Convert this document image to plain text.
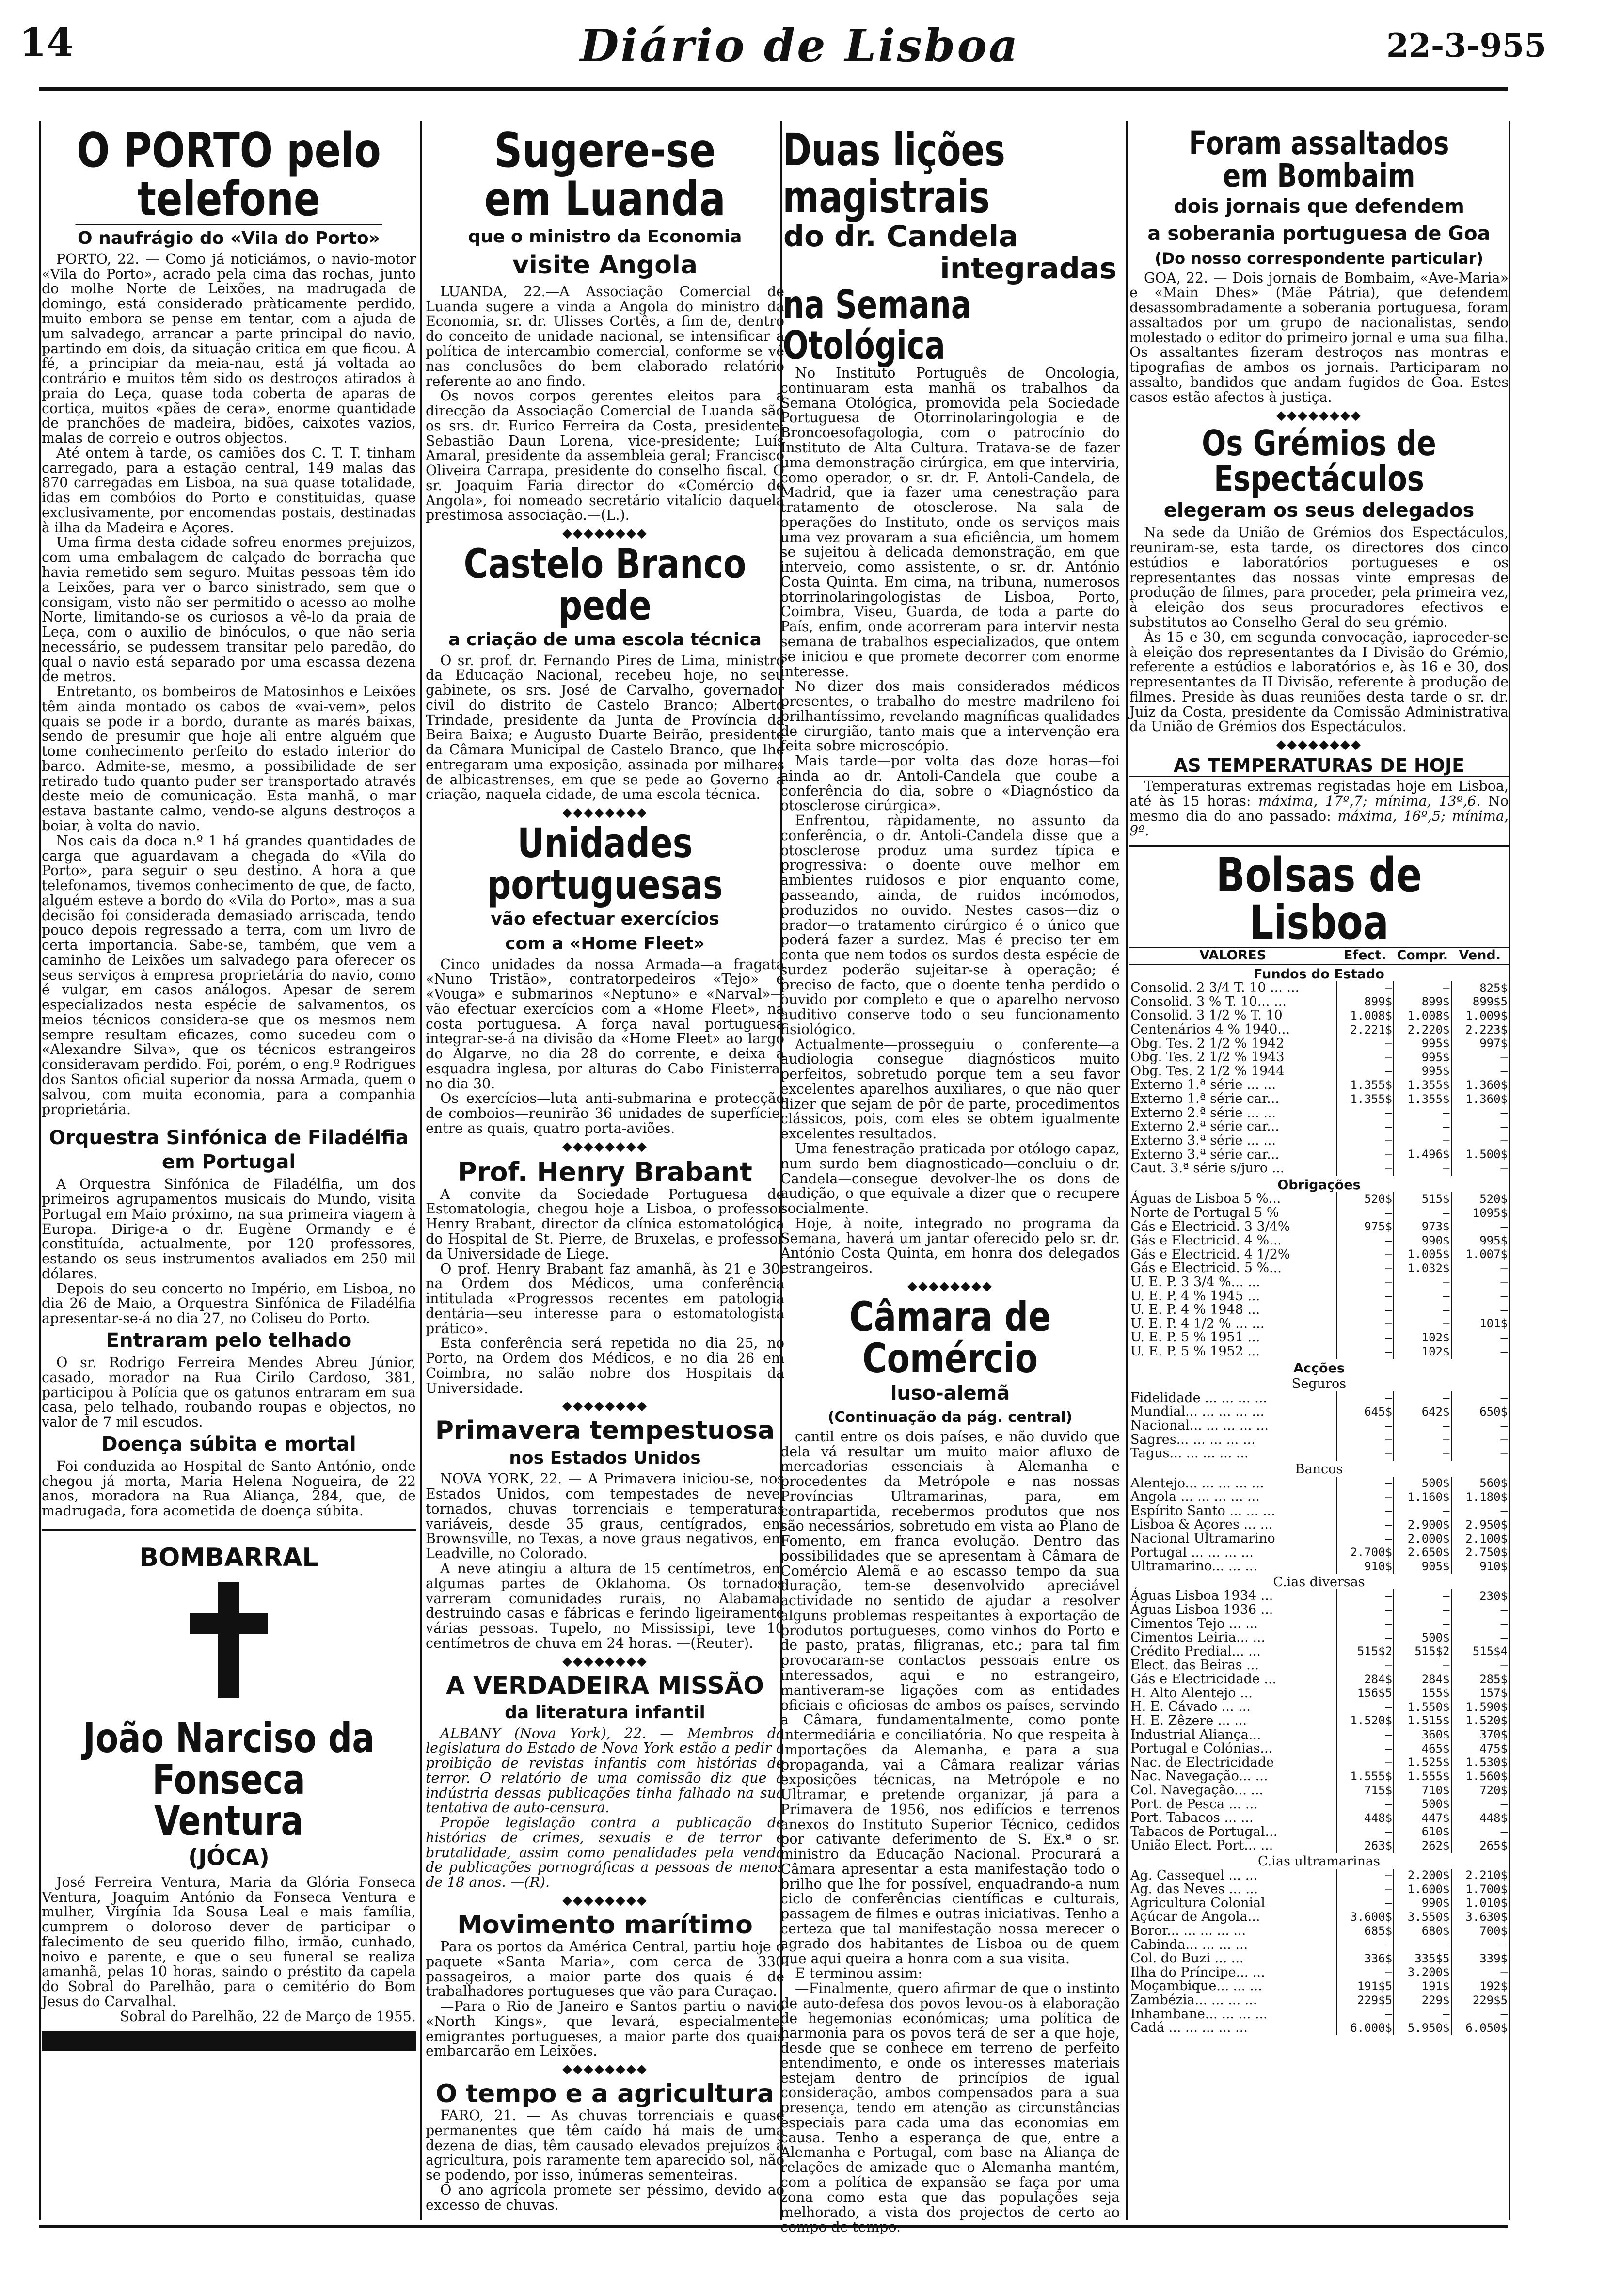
14	Diário de Lisboa	22-3-955
O PORTO pelo telefone
O naufrágio do «Vila do Porto»

PORTO, 22. — Como já noticiámos, o navio-motor «Vila do Porto», acrado pela cima das rochas, junto do molhe Norte de Leixões, na madrugada de domingo, está considerado pràticamente perdido, muito embora se pense em tentar, com a ajuda de um salvadego, arrancar a parte principal do navio, partindo em dois, da situação critica em que ficou. A fé, a principiar da meia-nau, está já voltada ao contrário e muitos têm sido os destroços atirados à praia do Leça, quase toda coberta de aparas de cortiça, muitos «pães de cera», enorme quantidade de pranchões de madeira, bidões, caixotes vazios, malas de correio e outros objectos.

Até ontem à tarde, os camiões dos C. T. T. tinham carregado, para a estação central, 149 malas das 870 carregadas em Lisboa, na sua quase totalidade, idas em combóios do Porto e constituidas, quase exclusivamente, por encomendas postais, destinadas à ilha da Madeira e Açores.

Uma firma desta cidade sofreu enormes prejuizos, com uma embalagem de calçado de borracha que havia remetido sem seguro. Muitas pessoas têm ido a Leixões, para ver o barco sinistrado, sem que o consigam, visto não ser permitido o acesso ao molhe Norte, limitando-se os curiosos a vê-lo da praia de Leça, com o auxilio de binóculos, o que não seria necessário, se pudessem transitar pelo paredão, do qual o navio está separado por uma escassa dezena de metros.

Entretanto, os bombeiros de Matosinhos e Leixões têm ainda montado os cabos de «vai-vem», pelos quais se pode ir a bordo, durante as marés baixas, sendo de presumir que hoje ali entre alguém que tome conhecimento perfeito do estado interior do barco. Admite-se, mesmo, a possibilidade de ser retirado tudo quanto puder ser transportado através deste meio de comunicação. Esta manhã, o mar estava bastante calmo, vendo-se alguns destroços a boiar, à volta do navio.

Nos cais da doca n.º 1 há grandes quantidades de carga que aguardavam a chegada do «Vila do Porto», para seguir o seu destino. A hora a que telefonamos, tivemos conhecimento de que, de facto, alguém esteve a bordo do «Vila do Porto», mas a sua decisão foi considerada demasiado arriscada, tendo pouco depois regressado a terra, com um livro de certa importancia. Sabe-se, também, que vem a caminho de Leixões um salvadego para oferecer os seus serviços à empresa proprietária do navio, como é vulgar, em casos análogos. Apesar de serem especializados nesta espécie de salvamentos, os meios técnicos considera-se que os mesmos nem sempre resultam eficazes, como sucedeu com o «Alexandre Silva», que os técnicos estrangeiros consideravam perdido. Foi, porém, o eng.º Rodrigues dos Santos oficial superior da nossa Armada, quem o salvou, com muita economia, para a companhia proprietária.

Orquestra Sinfónica de Filadélfia em Portugal

A Orquestra Sinfónica de Filadélfia, um dos primeiros agrupamentos musicais do Mundo, visita Portugal em Maio próximo, na sua primeira viagem à Europa. Dirige-a o dr. Eugène Ormandy e é constituída, actualmente, por 120 professores, estando os seus instrumentos avaliados em 250 mil dólares.

Depois do seu concerto no Império, em Lisboa, no dia 26 de Maio, a Orquestra Sinfónica de Filadélfia apresentar-se-á no dia 27, no Coliseu do Porto.

Entraram pelo telhado

O sr. Rodrigo Ferreira Mendes Abreu Júnior, casado, morador na Rua Cirilo Cardoso, 381, participou à Polícia que os gatunos entraram em sua casa, pelo telhado, roubando roupas e objectos, no valor de 7 mil escudos.

Doença súbita e mortal

Foi conduzida ao Hospital de Santo António, onde chegou já morta, Maria Helena Nogueira, de 22 anos, moradora na Rua Aliança, 284, que, de madrugada, fora acometida de doença súbita.

BOMBARRAL
João Narciso da Fonseca Ventura
(JÓCA)

José Ferreira Ventura, Maria da Glória Fonseca Ventura, Joaquim António da Fonseca Ventura e mulher, Virgínia Ida Sousa Leal e mais família, cumprem o doloroso dever de participar o falecimento de seu querido filho, irmão, cunhado, noivo e parente, e que o seu funeral se realiza amanhã, pelas 10 horas, saindo o préstito da capela do Sobral do Parelhão, para o cemitério do Bom Jesus do Carvalhal.

Sobral do Parelhão, 22 de Março de 1955.

Sugere-se em Luanda
que o ministro da Economia
visite Angola

LUANDA, 22.—A Associação Comercial de Luanda sugere a vinda a Angola do ministro da Economia, sr. dr. Ulisses Cortês, a fim de, dentro do conceito de unidade nacional, se intensificar a política de intercambio comercial, conforme se vê nas conclusões do bem elaborado relatório referente ao ano findo.

Os novos corpos gerentes eleitos para a direcção da Associação Comercial de Luanda são os srs. dr. Eurico Ferreira da Costa, presidente; Sebastião Daun Lorena, vice-presidente; Luís Amaral, presidente da assembleia geral; Francisco Oliveira Carrapa, presidente do conselho fiscal. O sr. Joaquim Faria director do «Comércio de Angola», foi nomeado secretário vitalício daquela prestimosa associação.—(L.).

◆◆◆◆◆◆◆◆
Castelo Branco pede
a criação de uma escola técnica

O sr. prof. dr. Fernando Pires de Lima, ministro da Educação Nacional, recebeu hoje, no seu gabinete, os srs. José de Carvalho, governador civil do distrito de Castelo Branco; Alberto Trindade, presidente da Junta de Província da Beira Baixa; e Augusto Duarte Beirão, presidente da Câmara Municipal de Castelo Branco, que lhe entregaram uma exposição, assinada por milhares de albicastrenses, em que se pede ao Governo a criação, naquela cidade, de uma escola técnica.

◆◆◆◆◆◆◆◆
Unidades portuguesas
vão efectuar exercícios
com a «Home Fleet»

Cinco unidades da nossa Armada—a fragata «Nuno Tristão», contratorpedeiros «Tejo» e «Vouga» e submarinos «Neptuno» e «Narval»—vão efectuar exercícios com a «Home Fleet», na costa portuguesa. A força naval portuguesa integrar-se-á na divisão da «Home Fleet» ao largo do Algarve, no dia 28 do corrente, e deixa a esquadra inglesa, por alturas do Cabo Finisterra, no dia 30.

Os exercícios—luta anti-submarina e protecção de comboios—reunirão 36 unidades de superfície, entre as quais, quatro porta-aviões.

◆◆◆◆◆◆◆◆
Prof. Henry Brabant

A convite da Sociedade Portuguesa de Estomatologia, chegou hoje a Lisboa, o professor Henry Brabant, director da clínica estomatológica do Hospital de St. Pierre, de Bruxelas, e professor da Universidade de Liege.

O prof. Henry Brabant faz amanhã, às 21 e 30, na Ordem dos Médicos, uma conferência intitulada «Progressos recentes em patologia dentária—seu interesse para o estomatologista prático».

Esta conferência será repetida no dia 25, no Porto, na Ordem dos Médicos, e no dia 26 em Coimbra, no salão nobre dos Hospitais da Universidade.

◆◆◆◆◆◆◆◆
Primavera tempestuosa
nos Estados Unidos

NOVA YORK, 22. — A Primavera iniciou-se, nos Estados Unidos, com tempestades de neve, tornados, chuvas torrenciais e temperaturas variáveis, desde 35 graus, centígrados, em Brownsville, no Texas, a nove graus negativos, em Leadville, no Colorado.

A neve atingiu a altura de 15 centímetros, em algumas partes de Oklahoma. Os tornados varreram comunidades rurais, no Alabama, destruindo casas e fábricas e ferindo ligeiramente várias pessoas. Tupelo, no Mississipi, teve 10 centímetros de chuva em 24 horas. —(Reuter).

◆◆◆◆◆◆◆◆
A VERDADEIRA MISSÃO
da literatura infantil

ALBANY (Nova York), 22. — Membros da legislatura do Estado de Nova York estão a pedir a proibição de revistas infantis com histórias de terror. O relatório de uma comissão diz que a indústria dessas publicações tinha falhado na sua tentativa de auto-censura.

Propõe legislação contra a publicação de histórias de crimes, sexuais e de terror e brutalidade, assim como penalidades pela venda de publicações pornográficas a pessoas de menos de 18 anos. —(R).

◆◆◆◆◆◆◆◆
Movimento marítimo

Para os portos da América Central, partiu hoje o paquete «Santa Maria», com cerca de 330 passageiros, a maior parte dos quais é de trabalhadores portugueses que vão para Curaçao.

—Para o Rio de Janeiro e Santos partiu o navio «North Kings», que levará, especialmente, emigrantes portugueses, a maior parte dos quais embarcarão em Leixões.

◆◆◆◆◆◆◆◆
O tempo e a agricultura

FARO, 21. — As chuvas torrenciais e quase permanentes que têm caído há mais de uma dezena de dias, têm causado elevados prejuízos à agricultura, pois raramente tem aparecido sol, não se podendo, por isso, inúmeras sementeiras.

O ano agrícola promete ser péssimo, devido ao excesso de chuvas.

Duas lições magistrais
do dr. Candela
integradas
na Semana Otológica

No Instituto Português de Oncologia, continuaram esta manhã os trabalhos da Semana Otológica, promovida pela Sociedade Portuguesa de Otorrinolaringologia e de Broncoesofagologia, com o patrocínio do Instituto de Alta Cultura. Tratava-se de fazer uma demonstração cirúrgica, em que interviria, como operador, o sr. dr. F. Antoli-Candela, de Madrid, que ia fazer uma cenestração para tratamento de otosclerose. Na sala de operações do Instituto, onde os serviços mais uma vez provaram a sua eficiência, um homem se sujeitou à delicada demonstração, em que interveio, como assistente, o sr. dr. António Costa Quinta. Em cima, na tribuna, numerosos otorrinolaringologistas de Lisboa, Porto, Coimbra, Viseu, Guarda, de toda a parte do País, enfim, onde acorreram para intervir nesta semana de trabalhos especializados, que ontem se iniciou e que promete decorrer com enorme interesse.

No dizer dos mais considerados médicos presentes, o trabalho do mestre madrileno foi brilhantíssimo, revelando magníficas qualidades de cirurgião, tanto mais que a intervenção era feita sobre microscópio.

Mais tarde—por volta das doze horas—foi ainda ao dr. Antoli-Candela que coube a conferência do dia, sobre o «Diagnóstico da otosclerose cirúrgica».

Enfrentou, ràpidamente, no assunto da conferência, o dr. Antoli-Candela disse que a otosclerose produz uma surdez típica e progressiva: o doente ouve melhor em ambientes ruidosos e pior enquanto come, passeando, ainda, de ruidos incómodos, produzidos no ouvido. Nestes casos—diz o orador—o tratamento cirúrgico é o único que poderá fazer a surdez. Mas é preciso ter em conta que nem todos os surdos desta espécie de surdez poderão sujeitar-se à operação; é preciso de facto, que o doente tenha perdido o ouvido por completo e que o aparelho nervoso auditivo conserve todo o seu funcionamento fisiológico.

Actualmente—prosseguiu o conferente—a audiologia consegue diagnósticos muito perfeitos, sobretudo porque tem a seu favor excelentes aparelhos auxiliares, o que não quer dizer que sejam de pôr de parte, procedimentos clássicos, pois, com eles se obtem igualmente excelentes resultados.

Uma fenestração praticada por otólogo capaz, num surdo bem diagnosticado—concluiu o dr. Candela—consegue devolver-lhe os dons de audição, o que equivale a dizer que o recupere socialmente.

Hoje, à noite, integrado no programa da Semana, haverá um jantar oferecido pelo sr. dr. António Costa Quinta, em honra dos delegados estrangeiros.

◆◆◆◆◆◆◆◆
Câmara de Comércio
luso-alemã
(Continuação da pág. central)

cantil entre os dois países, e não duvido que dela vá resultar um muito maior afluxo de mercadorias essenciais à Alemanha e procedentes da Metrópole e nas nossas Províncias Ultramarinas, para, em contrapartida, recebermos produtos que nos são necessários, sobretudo em vista ao Plano de Fomento, em franca evolução. Dentro das possibilidades que se apresentam à Câmara de Comércio Alemã e ao escasso tempo da sua duração, tem-se desenvolvido apreciável actividade no sentido de ajudar a resolver alguns problemas respeitantes à exportação de produtos portugueses, como vinhos do Porto e de pasto, pratas, filigranas, etc.; para tal fim provocaram-se contactos pessoais entre os interessados, aqui e no estrangeiro, mantiveram-se ligações com as entidades oficiais e oficiosas de ambos os países, servindo a Câmara, fundamentalmente, como ponte intermediária e conciliatória. No que respeita à importações da Alemanha, e para a sua propaganda, vai a Câmara realizar várias exposições técnicas, na Metrópole e no Ultramar, e pretende organizar, já para a Primavera de 1956, nos edifícios e terrenos anexos do Instituto Superior Técnico, cedidos por cativante deferimento de S. Ex.ª o sr. ministro da Educação Nacional. Procurará a Câmara apresentar a esta manifestação todo o brilho que lhe for possível, enquadrando-a num ciclo de conferências científicas e culturais, passagem de filmes e outras iniciativas. Tenho a certeza que tal manifestação nossa merecer o agrado dos habitantes de Lisboa ou de quem que aqui queira a honra com a sua visita.

E terminou assim:

—Finalmente, quero afirmar de que o instinto de auto-defesa dos povos levou-os à elaboração de hegemonias económicas; uma política de harmonia para os povos terá de ser a que hoje, desde que se conhece em terreno de perfeito entendimento, e onde os interesses materiais estejam dentro de princípios de igual consideração, ambos compensados para a sua presença, tendo em atenção as circunstâncias especiais para cada uma das economias em causa. Tenho a esperança de que, entre a Alemanha e Portugal, com base na Aliança de relações de amizade que o Alemanha mantém, com a política de expansão se faça por uma zona como esta que das populações seja melhorado, a vista dos projectos de certo ao compo de tempo.

Foram assaltados em Bombaim
dois jornais que defendem
a soberania portuguesa de Goa
(Do nosso correspondente particular)

GOA, 22. — Dois jornais de Bombaim, «Ave-Maria» e «Main Dhes» (Mãe Pátria), que defendem desassombradamente a soberania portuguesa, foram assaltados por um grupo de nacionalistas, sendo molestado o editor do primeiro jornal e uma sua filha. Os assaltantes fizeram destroços nas montras e tipografias de ambos os jornais. Participaram no assalto, bandidos que andam fugidos de Goa. Estes casos estão afectos à justiça.

◆◆◆◆◆◆◆◆
Os Grémios de Espectáculos
elegeram os seus delegados

Na sede da União de Grémios dos Espectáculos, reuniram-se, esta tarde, os directores dos cinco estúdios e laboratórios portugueses e os representantes das nossas vinte empresas de produção de filmes, para proceder, pela primeira vez, à eleição dos seus procuradores efectivos e substitutos ao Conselho Geral do seu grémio.

Às 15 e 30, em segunda convocação, iaproceder-se à eleição dos representantes da I Divisão do Grémio, referente a estúdios e laboratórios e, às 16 e 30, dos representantes da II Divisão, referente à produção de filmes. Preside às duas reuniões desta tarde o sr. dr. Juiz da Costa, presidente da Comissão Administrativa da União de Grémios dos Espectáculos.

◆◆◆◆◆◆◆◆
AS TEMPERATURAS DE HOJE

Temperaturas extremas registadas hoje em Lisboa, até às 15 horas: máxima, 17º,7; mínima, 13º,6. No mesmo dia do ano passado: máxima, 16º,5; mínima, 9º.

Bolsas de Lisboa
VALORES	Efect.	Compr.	Vend.
Fundos do Estado			
Consolid. 2 3/4 T. 10 ... ...	—	—	825$
Consolid. 3 % T. 10... ...	899$	899$	899$5
Consolid. 3 1/2 % T. 10	1.008$	1.008$	1.009$
Centenários 4 % 1940...	2.221$	2.220$	2.223$
Obg. Tes. 2 1/2 % 1942	—	995$	997$
Obg. Tes. 2 1/2 % 1943	—	995$	—
Obg. Tes. 2 1/2 % 1944	—	995$	—
Externo 1.ª série ... ...	1.355$	1.355$	1.360$
Externo 1.ª série car...	1.355$	1.355$	1.360$
Externo 2.ª série ... ...	—	—	—
Externo 2.ª série car...	—	—	—
Externo 3.ª série ... ...	—	—	—
Externo 3.ª série car...	—	1.496$	1.500$
Caut. 3.ª série s/juro ...	—	—	—
Obrigações			
Águas de Lisboa 5 %...	520$	515$	520$
Norte de Portugal 5 %	—	—	1095$
Gás e Electricid. 3 3/4%	975$	973$	—
Gás e Electricid. 4 %...	—	990$	995$
Gás e Electricid. 4 1/2%	—	1.005$	1.007$
Gás e Electricid. 5 %...	—	1.032$	—
U. E. P. 3 3/4 %... ...	—	—	—
U. E. P. 4 % 1945 ...	—	—	—
U. E. P. 4 % 1948 ...	—	—	—
U. E. P. 4 1/2 % ... ...	—	—	101$
U. E. P. 5 % 1951 ...	—	102$	—
U. E. P. 5 % 1952 ...	—	102$	—
Acções			
Seguros			
Fidelidade ... ... ... ...	—	—	—
Mundial... ... ... ... ...	645$	642$	650$
Nacional... ... ... ... ...	—	—	—
Sagres... ... ... ... ...	—	—	—
Tagus... ... ... ... ...	—	—	—
Bancos			
Alentejo... ... ... ... ...	—	500$	560$
Angola ... ... ... ... ...	—	1.160$	1.180$
Espírito Santo ... ... ...	—	—	—
Lisboa & Açores ... ...	—	2.900$	2.950$
Nacional Ultramarino	—	2.000$	2.100$
Portugal ... ... ... ...	2.700$	2.650$	2.750$
Ultramarino... ... ...	910$	905$	910$
C.ias diversas			
Águas Lisboa 1934 ...	—	—	230$
Águas Lisboa 1936 ...	—	—	—
Cimentos Tejo ... ...	—	—	—
Cimentos Leiria... ...	—	500$	—
Crédito Predial... ...	515$2	515$2	515$4
Elect. das Beiras ...	—	—	—
Gás e Electricidade ...	284$	284$	285$
H. Alto Alentejo ...	156$5	155$	157$
H. E. Cávado ... ...	—	1.550$	1.590$
H. E. Zêzere ... ...	1.520$	1.515$	1.520$
Industrial Aliança...	—	360$	370$
Portugal e Colónias...	—	465$	475$
Nac. de Electricidade	—	1.525$	1.530$
Nac. Navegação... ...	1.555$	1.555$	1.560$
Col. Navegação... ...	715$	710$	720$
Port. de Pesca ... ...	—	500$	—
Port. Tabacos ... ...	448$	447$	448$
Tabacos de Portugal...	—	610$	—
União Elect. Port... ...	263$	262$	265$
C.ias ultramarinas			
Ag. Cassequel ... ...	—	2.200$	2.210$
Ag. das Neves ... ...	—	1.600$	1.700$
Agricultura Colonial	—	990$	1.010$
Açúcar de Angola...	3.600$	3.550$	3.630$
Boror... ... ... ... ...	685$	680$	700$
Cabinda... ... ... ...	—	—	—
Col. do Buzi ... ...	336$	335$5	339$
Ilha do Príncipe... ...	—	3.200$	—
Moçambique... ... ...	191$5	191$	192$
Zambézia... ... ... ...	229$5	229$	229$5
Inhambane... ... ... ...	—	—	—
Cadá ... ... ... ... ...	6.000$	5.950$	6.050$
